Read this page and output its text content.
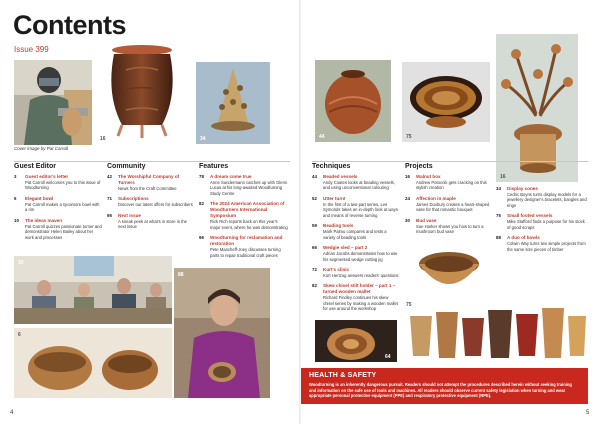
Contents
Issue 399
Cover image by Pat Carroll
16	34	44	75
16
Guest Editor	Community	Features	Techniques	Projects
3	Guest editor's letter
Pat Carroll welcomes you to this issue of Woodturning
6	Elegant bowl
Pat Carroll makes a sycamore bowl with a rim
10	The ideas maven
Pat Carroll quizzes passionate turner and demonstrator Helen Bailey about her work and processes
42	The Worshipful Company of Turners
News from the Craft Committee
71	Subscriptions
Discover our latest offers for subscribers
95	Next issue
A sneak peek at what's in store in the next issue
78	A dream come true
Anne Sundermann catches up with Glenn Lucas at his long-awaited Woodturning Study Centre
82	The 2024 American Association of Woodturners International Symposium
Rick Rich reports back on this year's major event, where he was demonstrating
96	Woodturning for reclamation and restoration
Pete Mancheff-Joey discusses turning parts to repair traditional craft pieces
44	Beaded vessels
Andy Coates looks at beading vessels, and using unconventional colouring
52	Utter turn!
In the first of a two-part series, Les Symonds takes an in-depth look at ways and means of reverse turning
59	Beading tools
Mark Palmu compares and tests a variety of beading tools
66	Wedgie sled – part 2
Adrian Jacobs demonstrates how to use his segmented wedge cutting jig
72	Kurt's clinic
Kurt Hertzog answers readers' questions
82	Skew chisel stilt holder – part 1 – turned wooden mallet
Richard Findley continues his skew chisel series by making a wooden mallet for use around the workshop
16	Walnut box
Andrew Potocnik gets cracking on this stylish creation
24	Affection in maple
James Duxbury creates a heart-shaped vase for that romantic bouquet
30	Bud vase
Sue Harker shows you how to turn a mushroom bud vase
34	Display cones
Cedric Boyns turns display models for a jewellery designer's bracelets, bangles and rings
75	Small footed vessels
Mike Stafford finds a purpose for his stock of good scraps
88	A duo of bowls
Colwin Way turns two simple projects from the same size pieces of timber
10
88
6
64
75
HEALTH & SAFETY
Woodturning is an inherently dangerous pursuit. Readers should not attempt the procedures described herein without seeking training and information on the safe use of tools and machines. All readers should observe current safety legislation when turning and wear appropriate personal protective equipment (PPE) and respiratory protective equipment (RPE).
4	5
